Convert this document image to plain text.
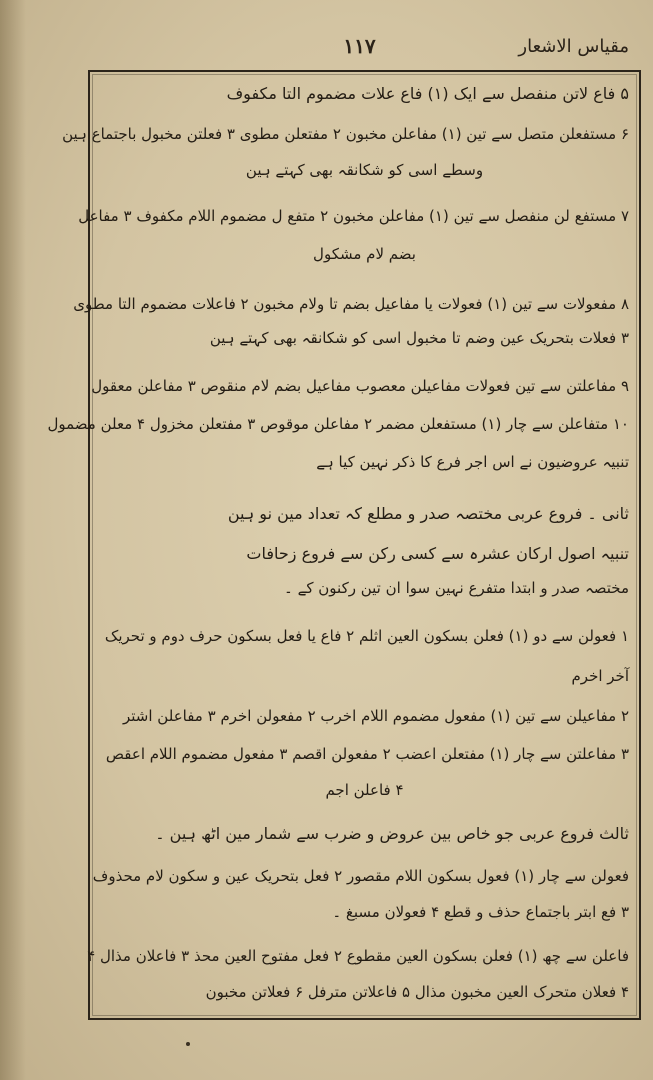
مقیاس الاشعار
۱۱۷
۵ فاع لاتن منفصل سے ایک (۱) فاع علات مضموم التا مکفوف
۶ مستفعلن متصل سے تین (۱) مفاعلن مخبون ۲ مفتعلن مطوی ۳ فعلتن مخبول باجتماع ہین
وسطے اسی کو شکانقہ بھی کہتے ہین
۷ مستفع لن منفصل سے تین (۱) مفاعلن مخبون ۲ متفع ل مضموم اللام مکفوف ۳ مفاعل
بضم لام مشکول
۸ مفعولات سے تین (۱) فعولات یا مفاعیل بضم تا ولام مخبون ۲ فاعلات مضموم التا مطوی
۳ فعلات بتحریک عین وضم تا مخبول اسی کو شکانقہ بھی کہتے ہین
۹ مفاعلتن سے تین فعولات مفاعیلن معصوب مفاعیل بضم لام منقوص ۳ مفاعلن معقول
۱۰ متفاعلن سے چار (۱) مستفعلن مضمر ۲ مفاعلن موقوص ۳ مفتعلن مخزول ۴ معلن مضمول
تنبیہ عروضیون نے اس اجر فرع کا ذکر نہین کیا ہے
ثانی ۔ فروع عربی مختصہ صدر و مطلع کہ تعداد مین نو ہین
تنبیہ اصول ارکان عشرہ سے کسی رکن سے فروع زحافات
مختصہ صدر و ابتدا متفرع نہین سوا ان تین رکنون کے ۔
۱ فعولن سے دو (۱) فعلن بسکون العین اثلم ۲ فاع یا فعل بسکون حرف دوم و تحریک
آخر اخرم
۲ مفاعیلن سے تین (۱) مفعول مضموم اللام اخرب ۲ مفعولن اخرم ۳ مفاعلن اشتر
۳ مفاعلتن سے چار (۱) مفتعلن اعضب ۲ مفعولن اقصم ۳ مفعول مضموم اللام اعقص
۴ فاعلن اجم
ثالث فروع عربی جو خاص بین عروض و ضرب سے شمار مین اٹھ ہین ۔
فعولن سے چار (۱) فعول بسکون اللام مقصور ۲ فعل بتحریک عین و سکون لام محذوف
۳ فع ابتر باجتماع حذف و قطع ۴ فعولان مسبغ ۔
فاعلن سے چھ (۱) فعلن بسکون العین مقطوع ۲ فعل مفتوح العین محذ ۳ فاعلان مذال ۴
۴ فعلان متحرک العین مخبون مذال ۵ فاعلاتن مترفل ۶ فعلاتن مخبون
